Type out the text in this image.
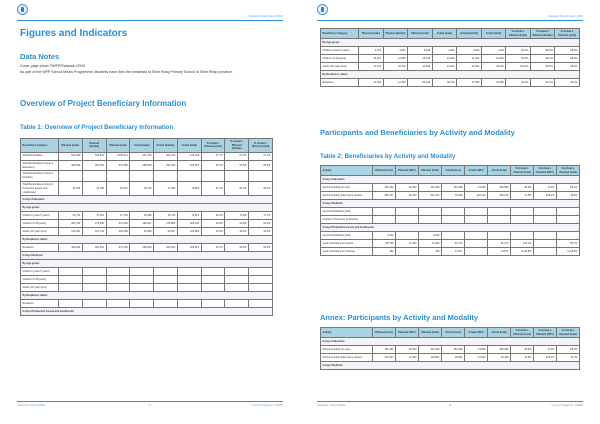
Standard Project Report 2015
Figures and Indicators
Data Notes
Cover page photo ©WFP/Ratanak LENG
As part of the WFP School Meals Programme, students have their the breakfast at Siem Rong Primary School in Siem Reap province.
Overview of Project Beneficiary Information
Table 1: Overview of Project Beneficiary Information
Beneficiary Category	Planned (male)	Planned (female)	Planned (total)	Actual (male)	Actual (female)	Actual (total)	% Actual v. Planned (male)	% Actual v. Planned (female)	% Actual v. Planned (total)
Total Beneficiaries	534,390	525,524	1,059,914	307,748	302,410	610,158	57.7%	57.5%	57.6%
Total Beneficiaries (Comp.1 Education)	490,009	484,351	974,360	268,038	264,463	532,501	54.7%	54.6%	54.6%
Total Beneficiaries (Comp.2 Nutrition)									
Total Beneficiaries (Comp.3 Productive Assets and Livelihoods)	41,155	41,155	82,310	38,710	37,950	76,660	94.1%	92.2%	93.1%
Comp.1 Education									
By Age-group:									
Children (under 5 years)	59,722	47,031	97,753	36,086	34,726	70,812	60.4%	73.8%	71.7%
Children (5-18 years)	284,752	275,566	570,318	184,637	178,805	363,442	64.8%	64.9%	63.2%
Adults (18 years plus)	145,561	161,724	306,289	46,088	50,607	102,995	33.4%	33.4%	33.4%
By Residence status:									
Residents	490,009	484,351	974,360	268,038	264,463	532,501	54.7%	54.6%	54.6%
Comp.2 Nutrition									
By Age-group:									
Children (under 5 years)									
Children (5-18 years)									
Adults (18 years plus)									
By Residence status:									
Residents									
Comp.3 Productive Assets and Livelihoods									
Cambodia, Project 200202	10	Country Programme - 200202
Standard Project Report 2015
Beneficiary Category	Planned (male)	Planned (female)	Planned (total)	Actual (male)	Actual (female)	Actual (total)	% Actual v. Planned (male)	% Actual v. Planned (female)	% Actual v. Planned (total)
By Age-group:									
Children (under 5 years)	4,679	4,200	8,909	4,051	3,633	7,484	86.3%	86.5%	83.9%
Children (5-18 years)	15,207	13,499	28,706	13,036	11,924	24,960	85.5%	88.1%	86.8%
Adults (18 years plus)	21,279	23,416	44,695	21,623	22,393	44,016	101.6%	95.6%	98.2%
By Residence status:									
Residents	41,155	41,155	82,310	38,710	37,950	76,660	94.1%	92.2%	93.1%
Participants and Beneficiaries by Activity and Modality
Table 2: Beneficiaries by Activity and Modality
Activity	Planned (food)	Planned (CBT)	Planned (total)	Actual (food)	Actual (CBT)	Actual (total)	% Actual v. Planned (food)	% Actual v. Planned (CBT)	% Actual v. Planned (total)
Comp.1 Education									
School Feeding (on-site)	391,460	20,500	411,960	351,999	14,600	366,599	89.9%	73.0%	88.1%
School Feeding (take-home rations)	481,107	30,000	511,107	79,005	123,210	202,215	17.5%	205.4%	39.6%
Comp.2 Nutrition									
General Distribution (GD)									
Nutrition: Prevention of Stunting									
Comp.3 Productive Assets and Livelihoods									
General Distribution (GD)	6,640		6,640						
Food-Assistance-for-Assets	59,795	11,265	71,060	61,670		61,670	103.1%		86.7%
Food-Assistance-for-Training	480		480	14,871		14,871	3,118.8%		3,118.8%
Annex: Participants by Activity and Modality
Activity	Planned (food)	Planned (CBT)	Planned (total)	Actual (food)	Actual (CBT)	Actual (total)	% Actual v. Planned (food)	% Actual v. Planned (CBT)	% Actual v. Planned (total)
Comp.1 Education									
School Feeding (on-site)	391,460	20,500	411,960	351,999	14,600	366,599	89.9%	73.0%	88.1%
School Feeding (take-home rations)	107,807	12,000	119,807	15,861	24,642	40,443	14.6%	205.4%	33.7%
Comp.2 Nutrition									
Cambodia, Project 200202	11	Country Programme - 200202
